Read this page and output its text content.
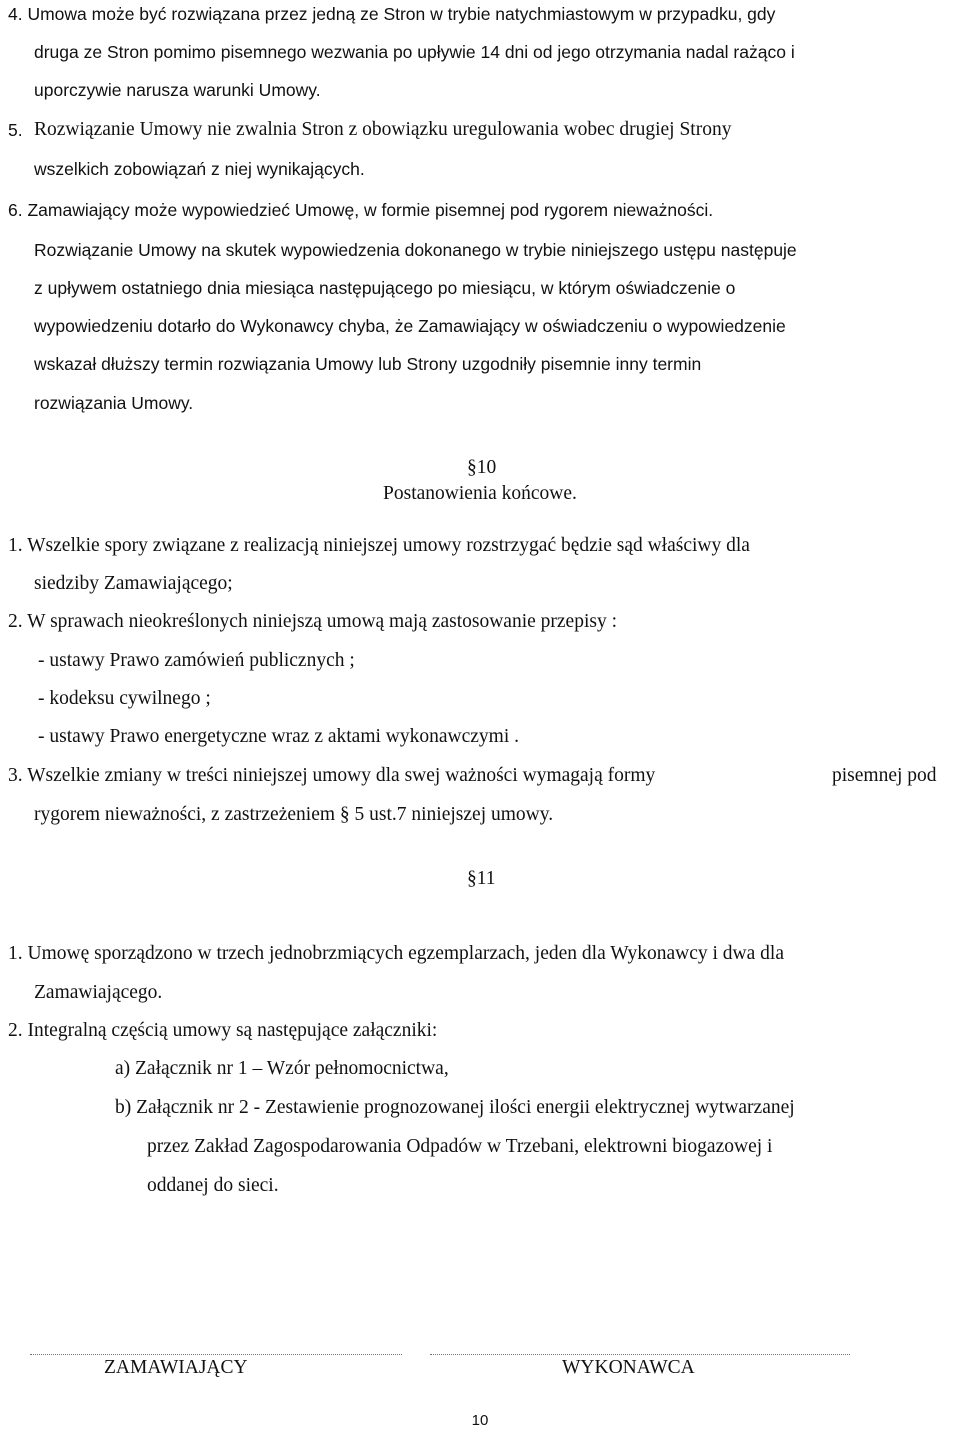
4. Umowa może być rozwiązana przez jedną ze Stron w trybie natychmiastowym w przypadku, gdy
druga ze Stron pomimo pisemnego wezwania po upływie 14 dni od jego otrzymania nadal rażąco i
uporczywie narusza warunki Umowy.
5. Rozwiązanie Umowy nie zwalnia Stron z obowiązku uregulowania wobec drugiej Strony
wszelkich zobowiązań z niej wynikających.
6. Zamawiający może wypowiedzieć Umowę, w formie pisemnej pod rygorem nieważności.
Rozwiązanie Umowy na skutek wypowiedzenia dokonanego w trybie niniejszego ustępu następuje
z upływem ostatniego dnia miesiąca następującego po miesiącu, w którym oświadczenie o
wypowiedzeniu dotarło do Wykonawcy chyba, że Zamawiający w oświadczeniu o wypowiedzenie
wskazał dłuższy termin rozwiązania Umowy lub Strony uzgodniły pisemnie inny termin
rozwiązania Umowy.
§10
Postanowienia końcowe.
1. Wszelkie spory związane z realizacją niniejszej umowy rozstrzygać będzie sąd właściwy dla
siedziby Zamawiającego;
2. W sprawach nieokreślonych niniejszą umową mają zastosowanie przepisy :
- ustawy Prawo zamówień publicznych ;
- kodeksu cywilnego ;
- ustawy Prawo energetyczne wraz z aktami wykonawczymi .
3. Wszelkie zmiany w treści niniejszej umowy dla swej ważności wymagają formy	pisemnej pod
rygorem nieważności, z zastrzeżeniem § 5 ust.7 niniejszej umowy.
§11
1. Umowę sporządzono w trzech jednobrzmiących egzemplarzach, jeden dla Wykonawcy i dwa dla
Zamawiającego.
2. Integralną częścią umowy są następujące załączniki:
a) Załącznik nr 1 – Wzór pełnomocnictwa,
b) Załącznik nr 2 - Zestawienie prognozowanej ilości energii elektrycznej wytwarzanej
przez Zakład Zagospodarowania Odpadów w Trzebani, elektrowni biogazowej i
oddanej do sieci.
ZAMAWIAJĄCY	WYKONAWCA
10
